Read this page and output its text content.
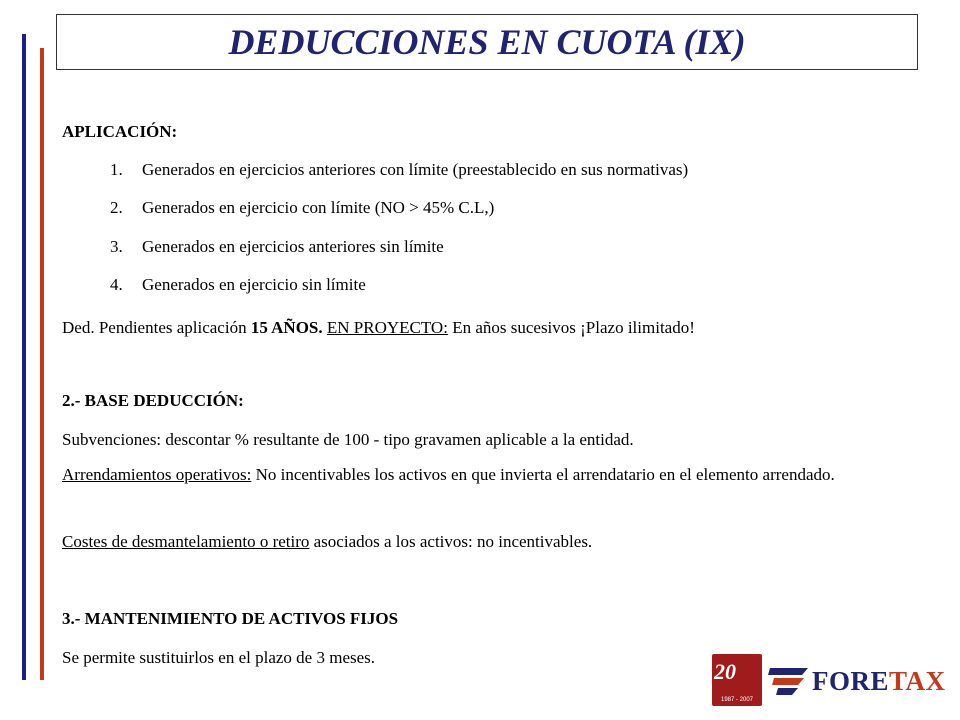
DEDUCCIONES EN CUOTA (IX)
APLICACIÓN:
1. Generados en ejercicios anteriores con límite (preestablecido en sus normativas)
2. Generados en ejercicio con límite (NO > 45% C.L,)
3. Generados en ejercicios anteriores sin límite
4. Generados en ejercicio sin límite
Ded. Pendientes aplicación 15 AÑOS. EN PROYECTO: En años sucesivos ¡Plazo ilimitado!
2.- BASE DEDUCCIÓN:
Subvenciones: descontar % resultante de 100 - tipo gravamen aplicable a la entidad.
Arrendamientos operativos: No incentivables los activos en que invierta el arrendatario en el elemento arrendado.
Costes de desmantelamiento o retiro asociados a los activos: no incentivables.
3.- MANTENIMIENTO DE ACTIVOS FIJOS
Se permite sustituirlos en el plazo de 3 meses.
20
1987 - 2007
FORETAX
